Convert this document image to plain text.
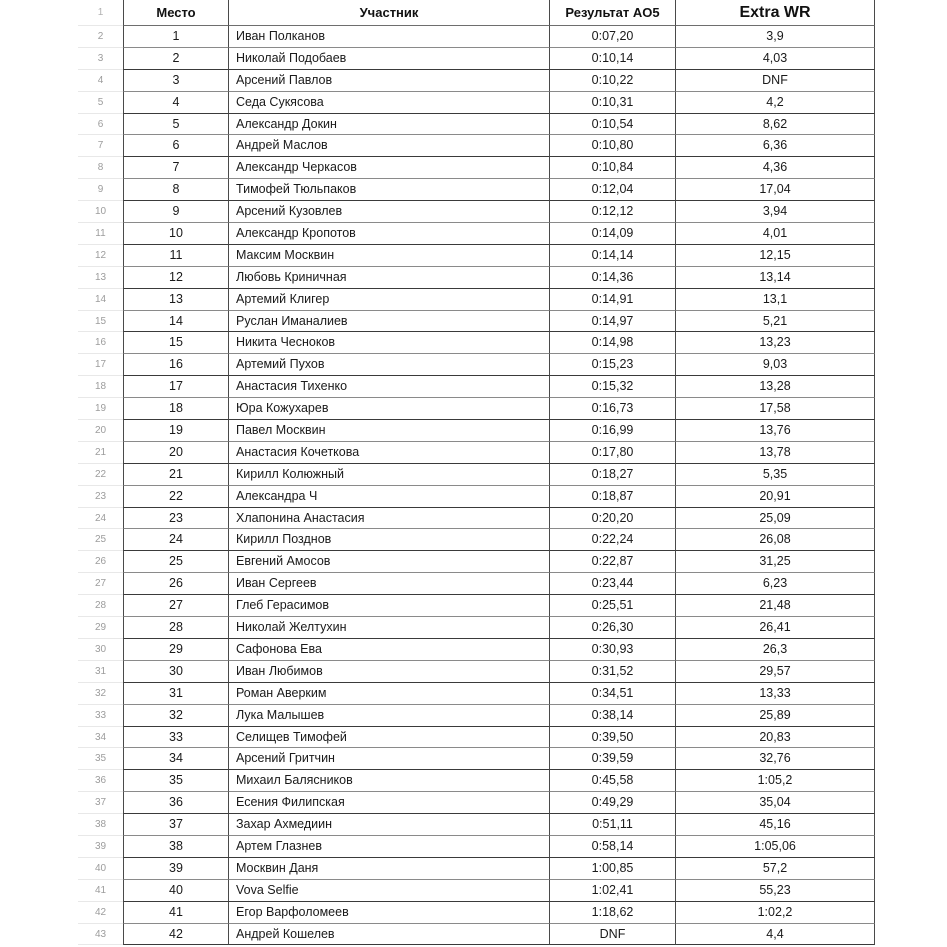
1	Место	Участник	Результат AO5	Extra WR
2	1	Иван Полканов	0:07,20	3,9
3	2	Николай Подобаев	0:10,14	4,03
4	3	Арсений Павлов	0:10,22	DNF
5	4	Седа Сукясова	0:10,31	4,2
6	5	Александр Докин	0:10,54	8,62
7	6	Андрей Маслов	0:10,80	6,36
8	7	Александр Черкасов	0:10,84	4,36
9	8	Тимофей Тюльпаков	0:12,04	17,04
10	9	Арсений Кузовлев	0:12,12	3,94
11	10	Александр Кропотов	0:14,09	4,01
12	11	Максим Москвин	0:14,14	12,15
13	12	Любовь Криничная	0:14,36	13,14
14	13	Артемий Клигер	0:14,91	13,1
15	14	Руслан Иманалиев	0:14,97	5,21
16	15	Никита Чесноков	0:14,98	13,23
17	16	Артемий Пухов	0:15,23	9,03
18	17	Анастасия Тихенко	0:15,32	13,28
19	18	Юра Кожухарев	0:16,73	17,58
20	19	Павел Москвин	0:16,99	13,76
21	20	Анастасия Кочеткова	0:17,80	13,78
22	21	Кирилл Колюжный	0:18,27	5,35
23	22	Александра Ч	0:18,87	20,91
24	23	Хлапонина Анастасия	0:20,20	25,09
25	24	Кирилл Позднов	0:22,24	26,08
26	25	Евгений Амосов	0:22,87	31,25
27	26	Иван Сергеев	0:23,44	6,23
28	27	Глеб Герасимов	0:25,51	21,48
29	28	Николай Желтухин	0:26,30	26,41
30	29	Сафонова Ева	0:30,93	26,3
31	30	Иван Любимов	0:31,52	29,57
32	31	Роман Аверким	0:34,51	13,33
33	32	Лука Малышев	0:38,14	25,89
34	33	Селищев Тимофей	0:39,50	20,83
35	34	Арсений Гритчин	0:39,59	32,76
36	35	Михаил Балясников	0:45,58	1:05,2
37	36	Есения Филипская	0:49,29	35,04
38	37	Захар Ахмедиин	0:51,11	45,16
39	38	Артем Глазнев	0:58,14	1:05,06
40	39	Москвин Даня	1:00,85	57,2
41	40	Vova Selfie	1:02,41	55,23
42	41	Егор Варфоломеев	1:18,62	1:02,2
43	42	Андрей Кошелев	DNF	4,4
